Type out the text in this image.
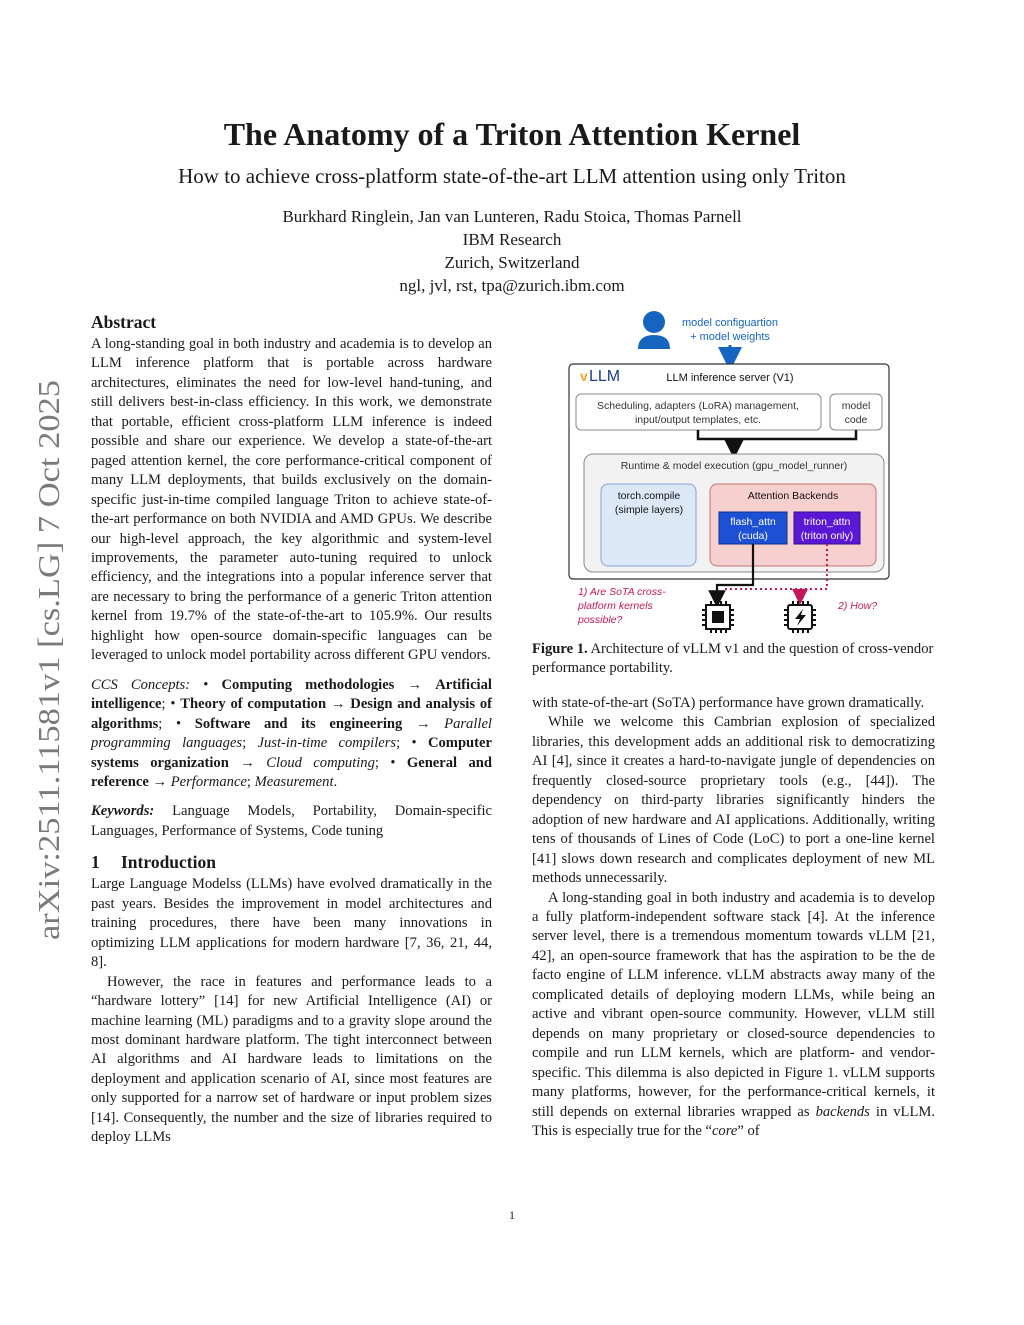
arXiv:2511.11581v1 [cs.LG] 7 Oct 2025
The Anatomy of a Triton Attention Kernel
How to achieve cross-platform state-of-the-art LLM attention using only Triton
Burkhard Ringlein, Jan van Lunteren, Radu Stoica, Thomas Parnell
IBM Research
Zurich, Switzerland
ngl, jvl, rst, tpa@zurich.ibm.com
Abstract

A long-standing goal in both industry and academia is to develop an LLM inference platform that is portable across hardware architectures, eliminates the need for low-level hand-tuning, and still delivers best-in-class efficiency. In this work, we demonstrate that portable, efficient cross-platform LLM inference is indeed possible and share our experience. We develop a state-of-the-art paged attention kernel, the core performance-critical component of many LLM deployments, that builds exclusively on the domain-specific just-in-time compiled language Triton to achieve state-of-the-art performance on both NVIDIA and AMD GPUs. We describe our high-level approach, the key algorithmic and system-level improvements, the parameter auto-tuning required to unlock efficiency, and the integrations into a popular inference server that are necessary to bring the performance of a generic Triton attention kernel from 19.7% of the state-of-the-art to 105.9%. Our results highlight how open-source domain-specific languages can be leveraged to unlock model portability across different GPU vendors.

CCS Concepts: • Computing methodologies → Artificial intelligence; • Theory of computation → Design and analysis of algorithms; • Software and its engineering → Parallel programming languages; Just-in-time compilers; • Computer systems organization → Cloud computing; • General and reference → Performance; Measurement.

Keywords: Language Models, Portability, Domain-specific Languages, Performance of Systems, Code tuning

1 Introduction

Large Language Modelss (LLMs) have evolved dramatically in the past years. Besides the improvement in model architectures and training procedures, there have been many innovations in optimizing LLM applications for modern hardware [7, 36, 21, 44, 8].

However, the race in features and performance leads to a “hardware lottery” [14] for new Artificial Intelligence (AI) or machine learning (ML) paradigms and to a gravity slope around the most dominant hardware platform. The tight interconnect between AI algorithms and AI hardware leads to limitations on the deployment and application scenario of AI, since most features are only supported for a narrow set of hardware or input problem sizes [14]. Consequently, the number and the size of libraries required to deploy LLMs

model configuartion
+ model weights
v LLM	LLM inference server (V1)
Scheduling, adapters (LoRA) management,
input/output templates, etc.
model
code
Runtime & model execution (gpu_model_runner)
torch.compile
(simple layers)
Attention Backends
flash_attn
(cuda)
triton_attn
(triton only)
1) Are SoTA cross-
platform kernels
possible?
2) How?
Figure 1. Architecture of vLLM v1 and the question of cross-vendor performance portability.

with state-of-the-art (SoTA) performance have grown dramatically.

While we welcome this Cambrian explosion of specialized libraries, this development adds an additional risk to democratizing AI [4], since it creates a hard-to-navigate jungle of dependencies on frequently closed-source proprietary tools (e.g., [44]). The dependency on third-party libraries significantly hinders the adoption of new hardware and AI applications. Additionally, writing tens of thousands of Lines of Code (LoC) to port a one-line kernel [41] slows down research and complicates deployment of new ML methods unnecessarily.

A long-standing goal in both industry and academia is to develop a fully platform-independent software stack [4]. At the inference server level, there is a tremendous momentum towards vLLM [21, 42], an open-source framework that has the aspiration to be the de facto engine of LLM inference. vLLM abstracts away many of the complicated details of deploying modern LLMs, while being an active and vibrant open-source community. However, vLLM still depends on many proprietary or closed-source dependencies to compile and run LLM kernels, which are platform- and vendor-specific. This dilemma is also depicted in Figure 1. vLLM supports many platforms, however, for the performance-critical kernels, it still depends on external libraries wrapped as backends in vLLM. This is especially true for the “core” of

1
